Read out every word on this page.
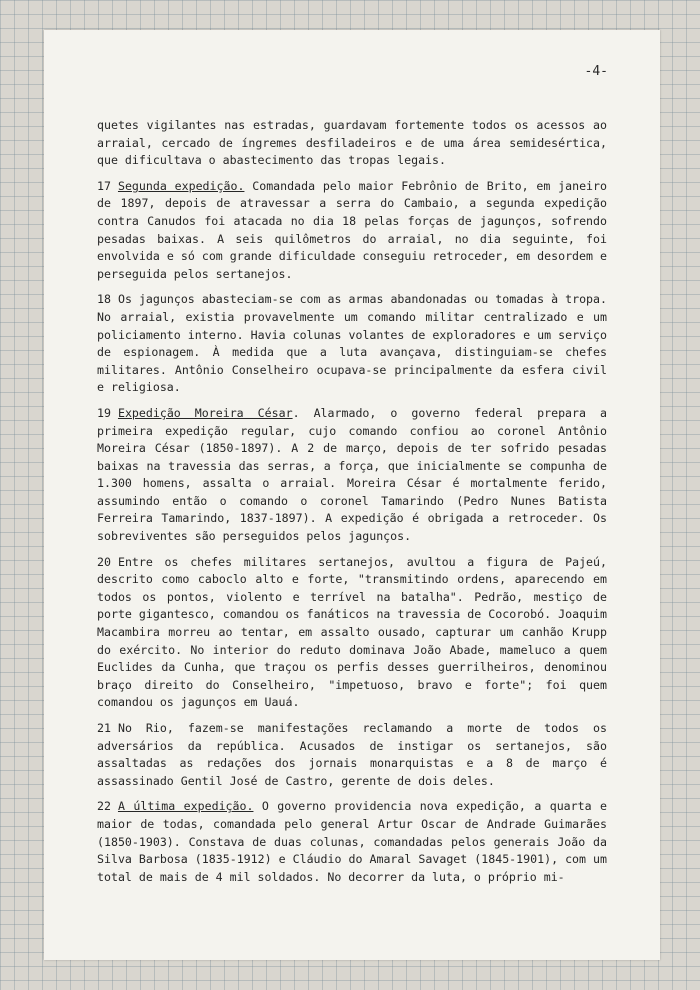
-4-

quetes vigilantes nas estradas, guardavam fortemente todos os acessos ao arraial, cercado de íngremes desfiladeiros e de uma área semidesértica, que dificultava o abastecimento das tropas legais.

17 Segunda expedição. Comandada pelo maior Febrônio de Brito, em janeiro de 1897, depois de atravessar a serra do Cambaio, a segunda expedição contra Canudos foi atacada no dia 18 pelas forças de jagunços, sofrendo pesadas baixas. A seis quilômetros do arraial, no dia seguinte, foi envolvida e só com grande dificuldade conseguiu retroceder, em desordem e perseguida pelos sertanejos.

18 Os jagunços abasteciam-se com as armas abandonadas ou tomadas à tropa. No arraial, existia provavelmente um comando militar centralizado e um policiamento interno. Havia colunas volantes de exploradores e um serviço de espionagem. À medida que a luta avançava, distinguiam-se chefes militares. Antônio Conselheiro ocupava-se principalmente da esfera civil e religiosa.

19 Expedição Moreira César. Alarmado, o governo federal prepara a primeira expedição regular, cujo comando confiou ao coronel Antônio Moreira César (1850-1897). A 2 de março, depois de ter sofrido pesadas baixas na travessia das serras, a força, que inicialmente se compunha de 1.300 homens, assalta o arraial. Moreira César é mortalmente ferido, assumindo então o comando o coronel Tamarindo (Pedro Nunes Batista Ferreira Tamarindo, 1837-1897). A expedição é obrigada a retroceder. Os sobreviventes são perseguidos pelos jagunços.

20 Entre os chefes militares sertanejos, avultou a figura de Pajeú, descrito como caboclo alto e forte, "transmitindo ordens, aparecendo em todos os pontos, violento e terrível na batalha". Pedrão, mestiço de porte gigantesco, comandou os fanáticos na travessia de Cocorobó. Joaquim Macambira morreu ao tentar, em assalto ousado, capturar um canhão Krupp do exército. No interior do reduto dominava João Abade, mameluco a quem Euclides da Cunha, que traçou os perfis desses guerrilheiros, denominou braço direito do Conselheiro, "impetuoso, bravo e forte"; foi quem comandou os jagunços em Uauá.

21 No Rio, fazem-se manifestações reclamando a morte de todos os adversários da república. Acusados de instigar os sertanejos, são assaltadas as redações dos jornais monarquistas e a 8 de março é assassinado Gentil José de Castro, gerente de dois deles.

22 A última expedição. O governo providencia nova expedição, a quarta e maior de todas, comandada pelo general Artur Oscar de Andrade Guimarães (1850-1903). Constava de duas colunas, comandadas pelos generais João da Silva Barbosa (1835-1912) e Cláudio do Amaral Savaget (1845-1901), com um total de mais de 4 mil soldados. No decorrer da luta, o próprio mi-
